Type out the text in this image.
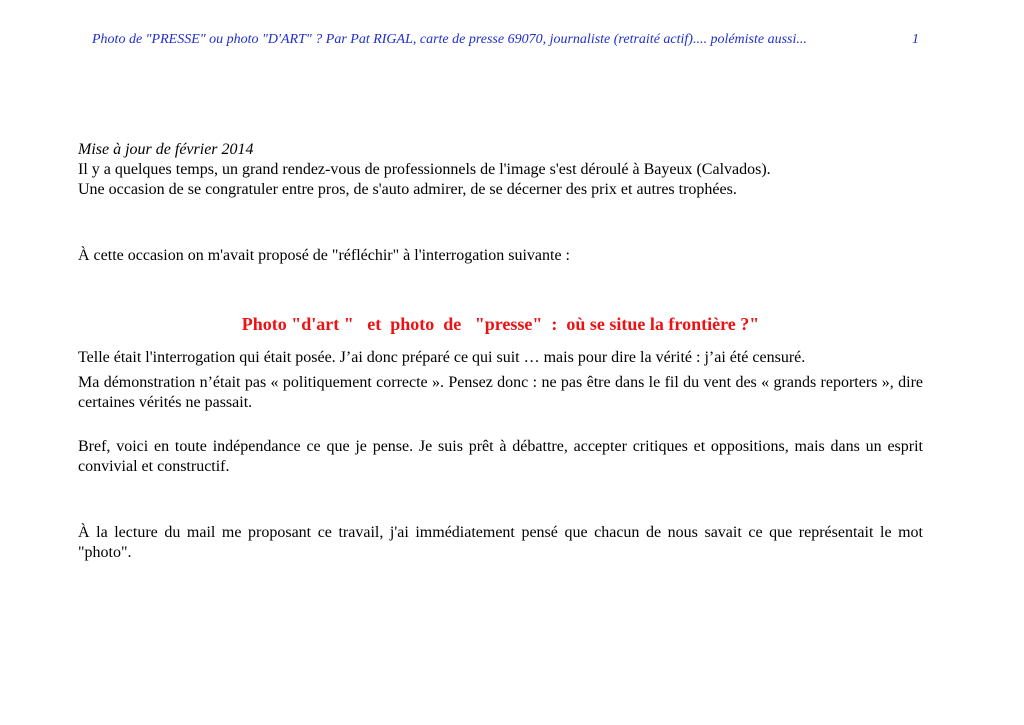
Photo de "PRESSE" ou photo "D'ART" ? Par Pat RIGAL, carte de presse 69070, journaliste (retraité actif).... polémiste aussi...	1

Mise à jour de février 2014

Il y a quelques temps, un grand rendez-vous de professionnels de l'image s'est déroulé à Bayeux (Calvados).

Une occasion de se congratuler entre pros, de s'auto admirer, de se décerner des prix et autres trophées.

À cette occasion on m'avait proposé de "réfléchir" à l'interrogation suivante :

Telle était l'interrogation qui était posée. J’ai donc préparé ce qui suit … mais pour dire la vérité : j’ai été censuré.

Ma démonstration n’était pas « politiquement correcte ». Pensez donc : ne pas être dans le fil du vent des « grands reporters », dire certaines vérités ne passait.

Bref, voici en toute indépendance ce que je pense. Je suis prêt à débattre, accepter critiques et oppositions, mais dans un esprit convivial et constructif.

À la lecture du mail me proposant ce travail, j'ai immédiatement pensé que chacun de nous savait ce que représentait le mot "photo".

Photo "d'art "   et  photo  de   "presse"  :  où se situe la frontière ?"
